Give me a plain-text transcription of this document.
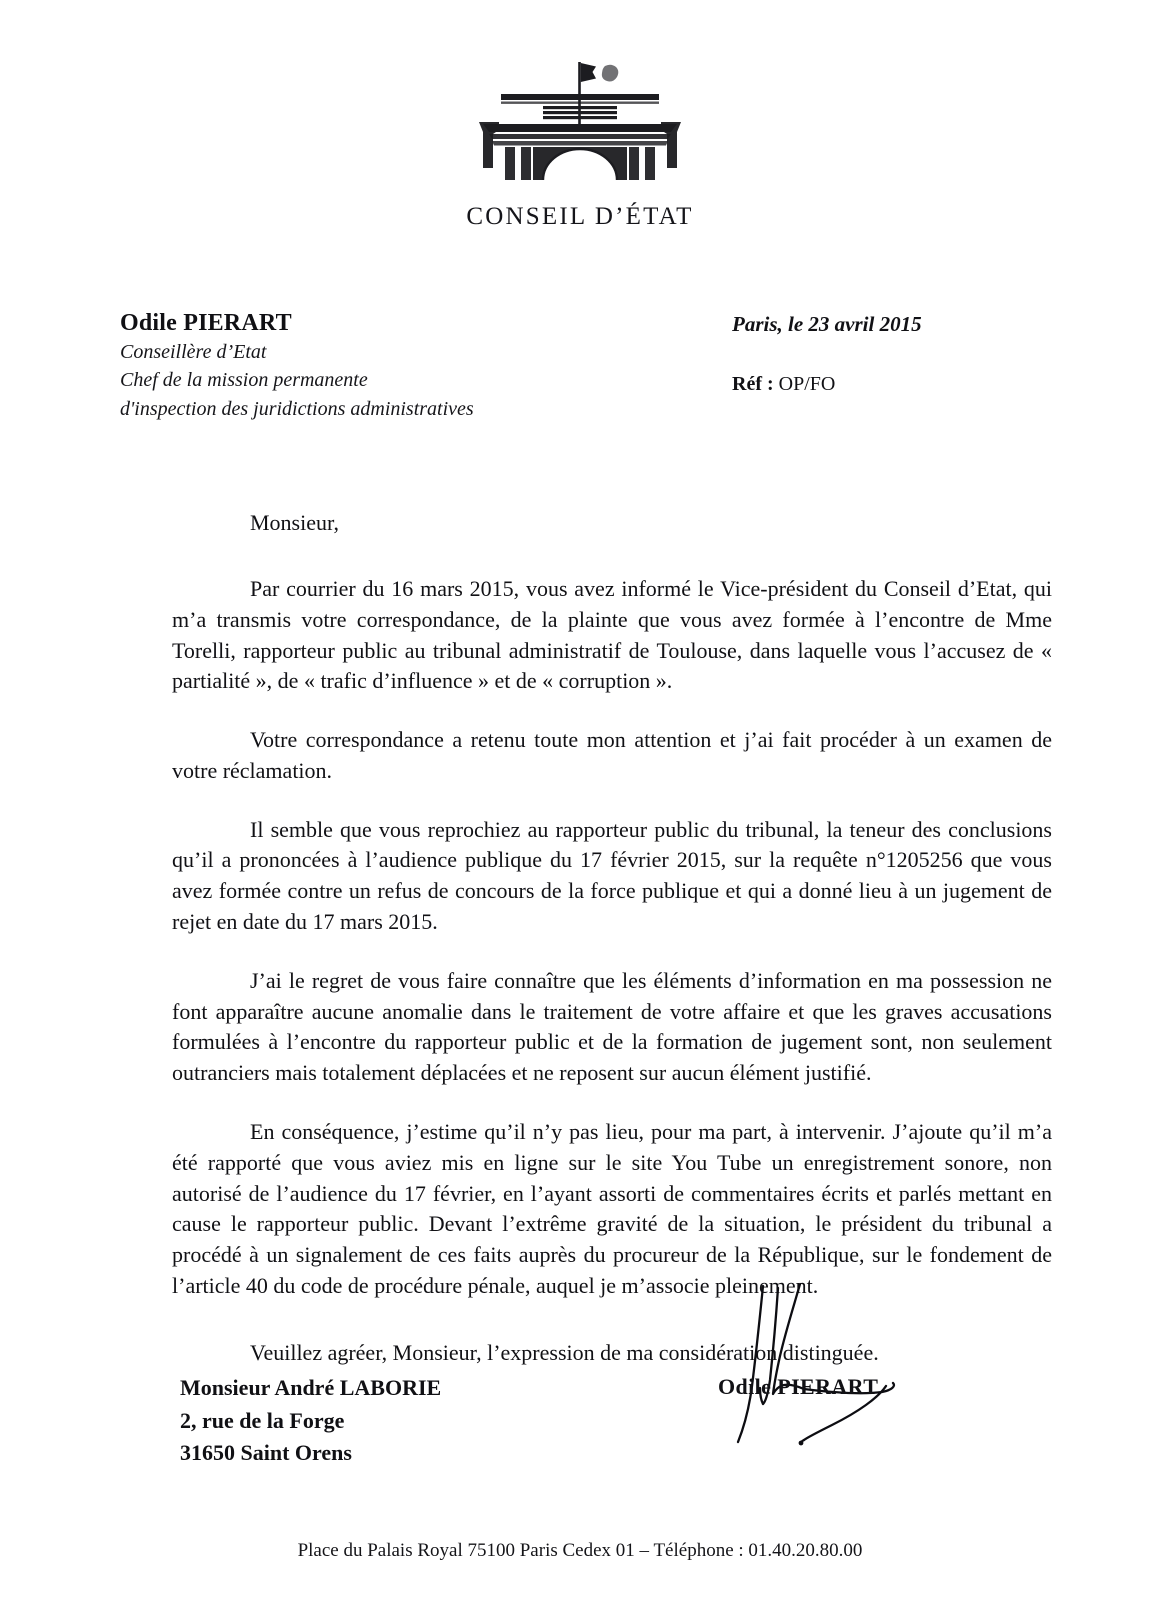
CONSEIL D’ÉTAT
Odile PIERART
Conseillère d’Etat
Chef de la mission permanente
d'inspection des juridictions administratives
Paris, le 23 avril 2015
Réf : OP/FO
Monsieur,

Par courrier du 16 mars 2015, vous avez informé le Vice-président du Conseil d’Etat, qui m’a transmis votre correspondance, de la plainte que vous avez formée à l’encontre de Mme Torelli, rapporteur public au tribunal administratif de Toulouse, dans laquelle vous l’accusez de « partialité », de « trafic d’influence » et de « corruption ».

Votre correspondance a retenu toute mon attention et j’ai fait procéder à un examen de votre réclamation.

Il semble que vous reprochiez au rapporteur public du tribunal, la teneur des conclusions qu’il a prononcées à l’audience publique du 17 février 2015, sur la requête n°1205256 que vous avez formée contre un refus de concours de la force publique et qui a donné lieu à un jugement de rejet en date du 17 mars 2015.

J’ai le regret de vous faire connaître que les éléments d’information en ma possession ne font apparaître aucune anomalie dans le traitement de votre affaire et que les graves accusations formulées à l’encontre du rapporteur public et de la formation de jugement sont, non seulement outranciers mais totalement déplacées et ne reposent sur aucun élément justifié.

En conséquence, j’estime qu’il n’y pas lieu, pour ma part, à intervenir. J’ajoute qu’il m’a été rapporté que vous aviez mis en ligne sur le site You Tube un enregistrement sonore, non autorisé de l’audience du 17 février, en l’ayant assorti de commentaires écrits et parlés mettant en cause le rapporteur public. Devant l’extrême gravité de la situation, le président du tribunal a procédé à un signalement de ces faits auprès du procureur de la République, sur le fondement de l’article 40 du code de procédure pénale, auquel je m’associe pleinement.

Veuillez agréer, Monsieur, l’expression de ma considération distinguée.

Odile PIERART
Monsieur André LABORIE
2, rue de la Forge
31650 Saint Orens
Place du Palais Royal 75100 Paris Cedex 01 – Téléphone : 01.40.20.80.00
